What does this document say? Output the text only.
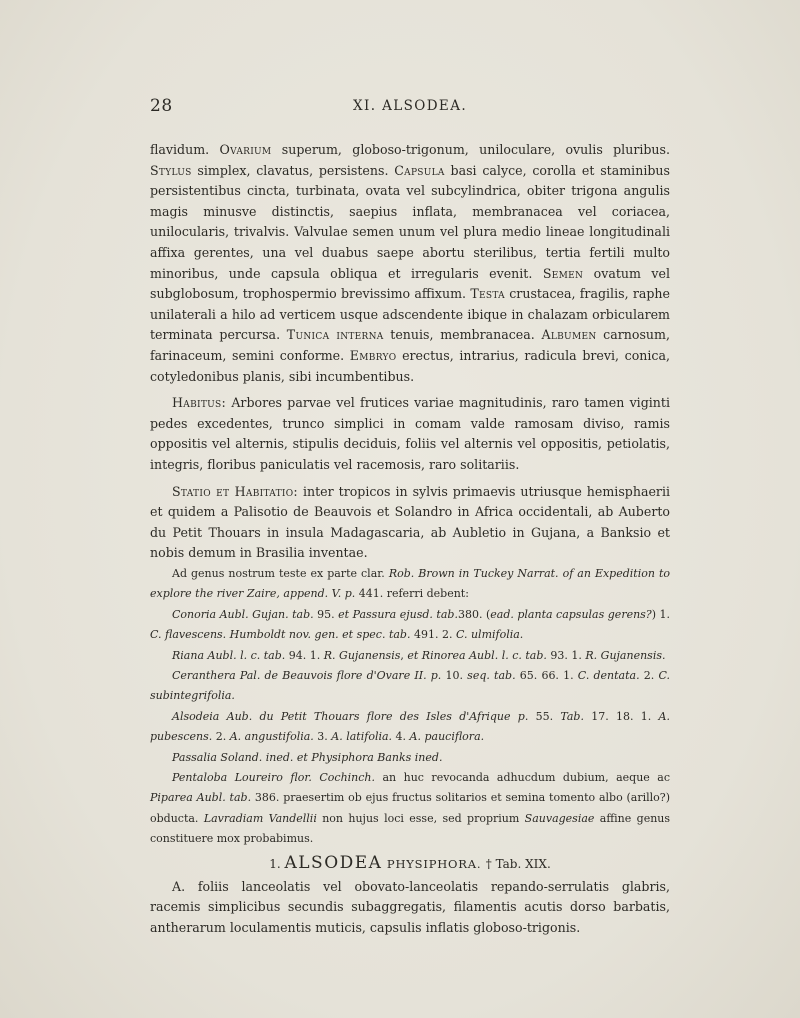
28	XI. ALSODEA.

flavidum. Ovarium superum, globoso-trigonum, uniloculare, ovulis pluribus. Stylus simplex, clavatus, persistens. Capsula basi calyce, corolla et staminibus persistentibus cincta, turbinata, ovata vel subcylindrica, obiter trigona angulis magis minusve distinctis, saepius inflata, membranacea vel coriacea, unilocularis, trivalvis. Valvulae semen unum vel plura medio lineae longitudinali affixa gerentes, una vel duabus saepe abortu sterilibus, tertia fertili multo minoribus, unde capsula obliqua et irregularis evenit. Semen ovatum vel subglobosum, trophospermio brevissimo affixum. Testa crustacea, fragilis, raphe unilaterali a hilo ad verticem usque adscendente ibique in chalazam orbicularem terminata percursa. Tunica interna tenuis, membranacea. Albumen carnosum, farinaceum, semini conforme. Embryo erectus, intrarius, radicula brevi, conica, cotyledonibus planis, sibi incumbentibus.

Habitus: Arbores parvae vel frutices variae magnitudinis, raro tamen viginti pedes excedentes, trunco simplici in comam valde ramosam diviso, ramis oppositis vel alternis, stipulis deciduis, foliis vel alternis vel oppositis, petiolatis, integris, floribus paniculatis vel racemosis, raro solitariis.

Statio et Habitatio: inter tropicos in sylvis primaevis utriusque hemisphaerii et quidem a Palisotio de Beauvois et Solandro in Africa occidentali, ab Auberto du Petit Thouars in insula Madagascaria, ab Aubletio in Gujana, a Banksio et nobis demum in Brasilia inventae.

Ad genus nostrum teste ex parte clar. Rob. Brown in Tuckey Narrat. of an Expedition to explore the river Zaire, append. V. p. 441. referri debent:

Conoria Aubl. Gujan. tab. 95. et Passura ejusd. tab.380. (ead. planta capsulas gerens?) 1. C. flavescens. Humboldt nov. gen. et spec. tab. 491. 2. C. ulmifolia.

Riana Aubl. l. c. tab. 94. 1. R. Gujanensis, et Rinorea Aubl. l. c. tab. 93. 1. R. Gujanensis.

Ceranthera Pal. de Beauvois flore d'Ovare II. p. 10. seq. tab. 65. 66. 1. C. dentata. 2. C. subintegrifolia.

Alsodeia Aub. du Petit Thouars flore des Isles d'Afrique p. 55. Tab. 17. 18. 1. A. pubescens. 2. A. angustifolia. 3. A. latifolia. 4. A. pauciflora.

Passalia Soland. ined. et Physiphora Banks ined.

Pentaloba Loureiro flor. Cochinch. an huc revocanda adhucdum dubium, aeque ac Piparea Aubl. tab. 386. praesertim ob ejus fructus solitarios et semina tomento albo (arillo?) obducta. Lavradiam Vandellii non hujus loci esse, sed proprium Sauvagesiae affine genus constituere mox probabimus.

1. ALSODEA PHYSIPHORA. † Tab. XIX.

A. foliis lanceolatis vel obovato-lanceolatis repando-serrulatis glabris, racemis simplicibus secundis subaggregatis, filamentis acutis dorso barbatis, antherarum loculamentis muticis, capsulis inflatis globoso-trigonis.
